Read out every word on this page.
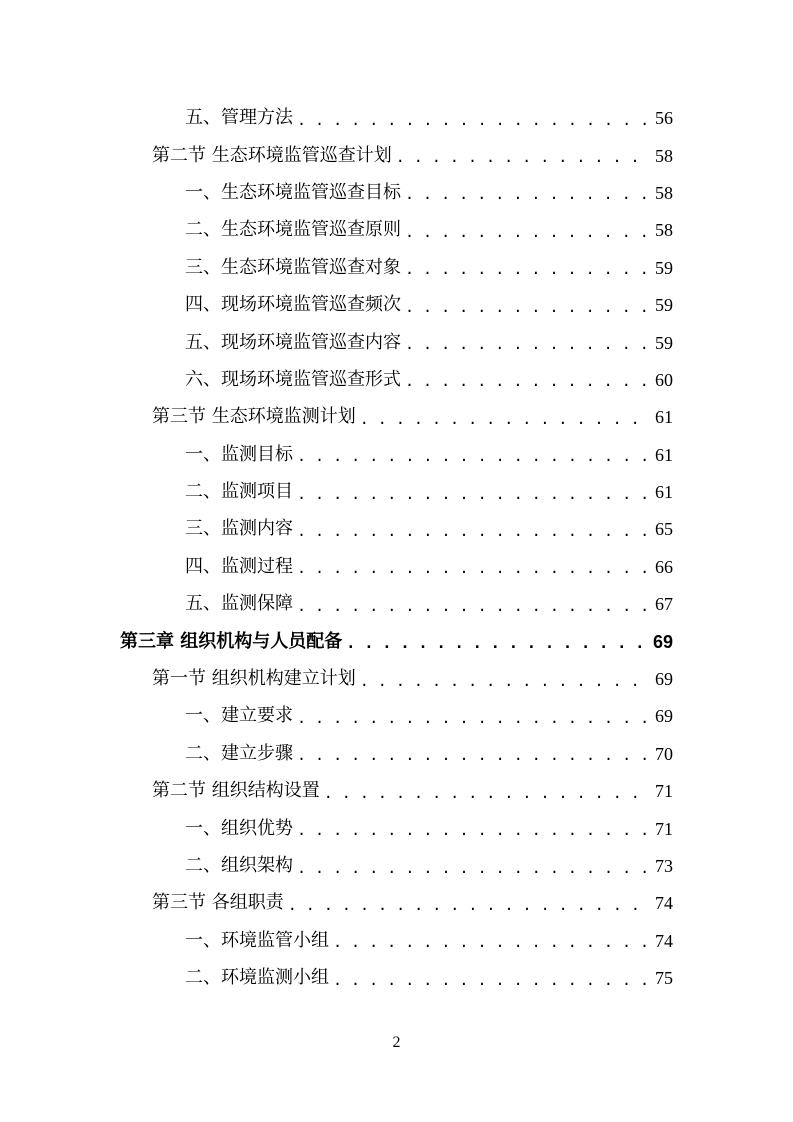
五、管理方法 . . .	56
第二节 生态环境监管巡查计划 . . .	58
一、生态环境监管巡查目标 . . .	58
二、生态环境监管巡查原则 . . .	58
三、生态环境监管巡查对象 . . .	59
四、现场环境监管巡查频次 . . .	59
五、现场环境监管巡查内容 . . .	59
六、现场环境监管巡查形式 . . .	60
第三节 生态环境监测计划 . . .	61
一、监测目标 . . .	61
二、监测项目 . . .	61
三、监测内容 . . .	65
四、监测过程 . . .	66
五、监测保障 . . .	67
第三章 组织机构与人员配备 . . .	69
第一节 组织机构建立计划 . . .	69
一、建立要求 . . .	69
二、建立步骤 . . .	70
第二节 组织结构设置 . . .	71
一、组织优势 . . .	71
二、组织架构 . . .	73
第三节 各组职责 . . .	74
一、环境监管小组 . . .	74
二、环境监测小组 . . .	75
2
